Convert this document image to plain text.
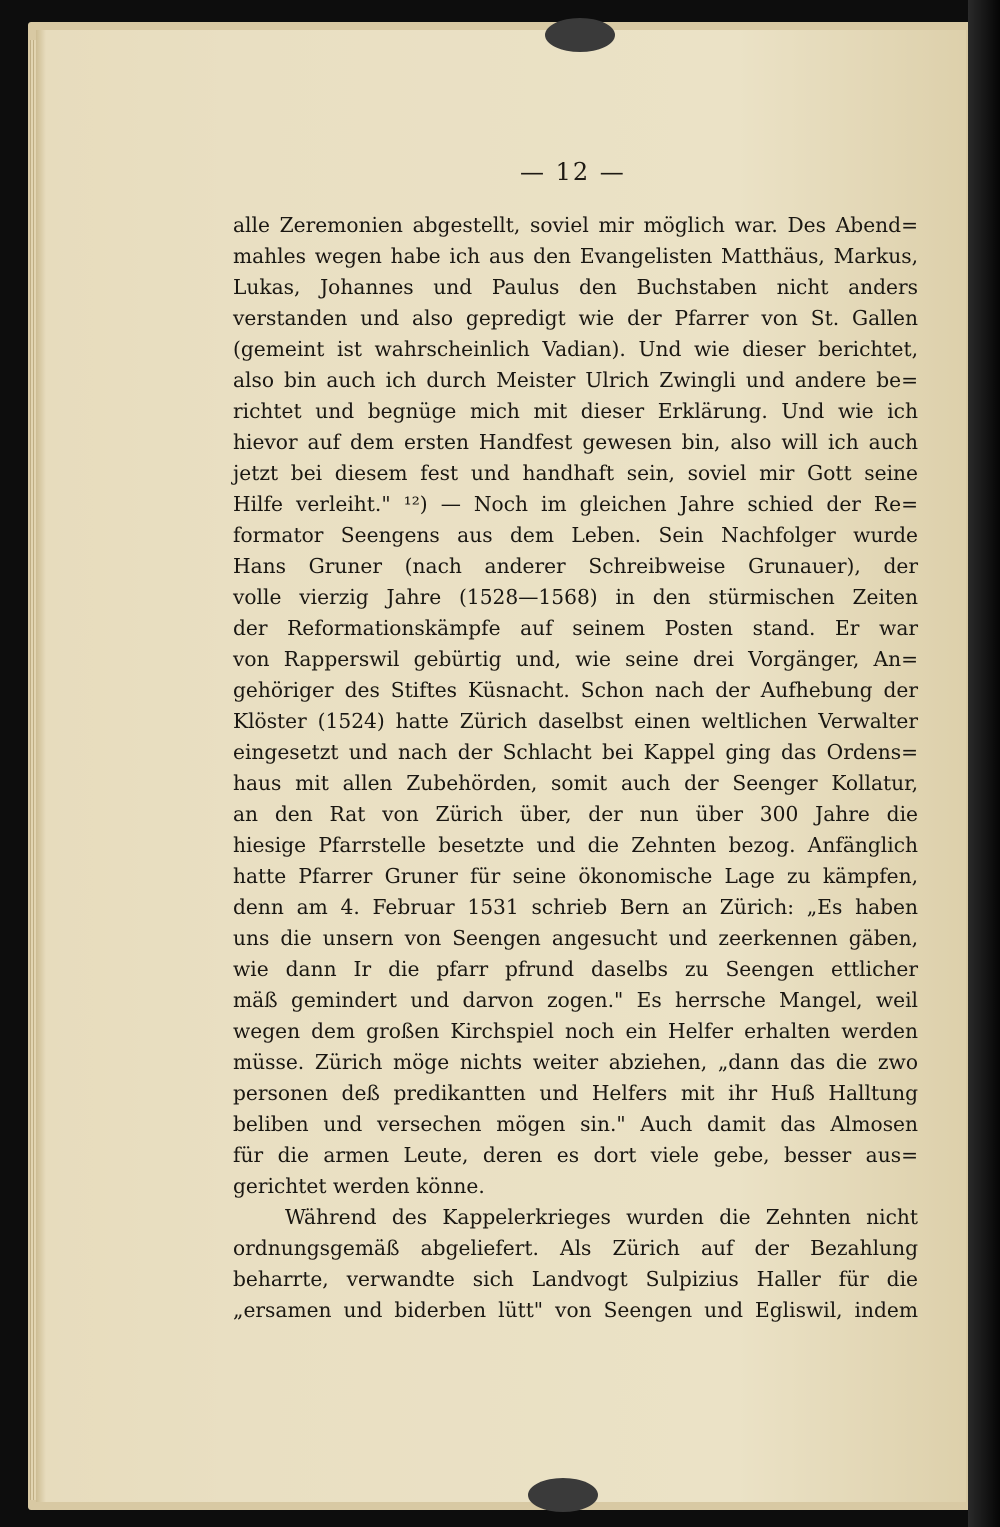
— 12 —
alle Zeremonien abgestellt, soviel mir möglich war. Des Abend=
mahles wegen habe ich aus den Evangelisten Matthäus, Markus,
Lukas, Johannes und Paulus den Buchstaben nicht anders
verstanden und also gepredigt wie der Pfarrer von St. Gallen
(gemeint ist wahrscheinlich Vadian). Und wie dieser berichtet,
also bin auch ich durch Meister Ulrich Zwingli und andere be=
richtet und begnüge mich mit dieser Erklärung. Und wie ich
hievor auf dem ersten Handfest gewesen bin, also will ich auch
jetzt bei diesem fest und handhaft sein, soviel mir Gott seine
Hilfe verleiht." ¹²) — Noch im gleichen Jahre schied der Re=
formator Seengens aus dem Leben. Sein Nachfolger wurde
Hans Gruner (nach anderer Schreibweise Grunauer), der
volle vierzig Jahre (1528—1568) in den stürmischen Zeiten
der Reformationskämpfe auf seinem Posten stand. Er war
von Rapperswil gebürtig und, wie seine drei Vorgänger, An=
gehöriger des Stiftes Küsnacht. Schon nach der Aufhebung der
Klöster (1524) hatte Zürich daselbst einen weltlichen Verwalter
eingesetzt und nach der Schlacht bei Kappel ging das Ordens=
haus mit allen Zubehörden, somit auch der Seenger Kollatur,
an den Rat von Zürich über, der nun über 300 Jahre die
hiesige Pfarrstelle besetzte und die Zehnten bezog. Anfänglich
hatte Pfarrer Gruner für seine ökonomische Lage zu kämpfen,
denn am 4. Februar 1531 schrieb Bern an Zürich: „Es haben
uns die unsern von Seengen angesucht und zeerkennen gäben,
wie dann Ir die pfarr pfrund daselbs zu Seengen ettlicher
mäß gemindert und darvon zogen." Es herrsche Mangel, weil
wegen dem großen Kirchspiel noch ein Helfer erhalten werden
müsse. Zürich möge nichts weiter abziehen, „dann das die zwo
personen deß predikantten und Helfers mit ihr Huß Halltung
beliben und versechen mögen sin." Auch damit das Almosen
für die armen Leute, deren es dort viele gebe, besser aus=
gerichtet werden könne.
Während des Kappelerkrieges wurden die Zehnten nicht
ordnungsgemäß abgeliefert. Als Zürich auf der Bezahlung
beharrte, verwandte sich Landvogt Sulpizius Haller für die
„ersamen und biderben lütt" von Seengen und Egliswil, indem
